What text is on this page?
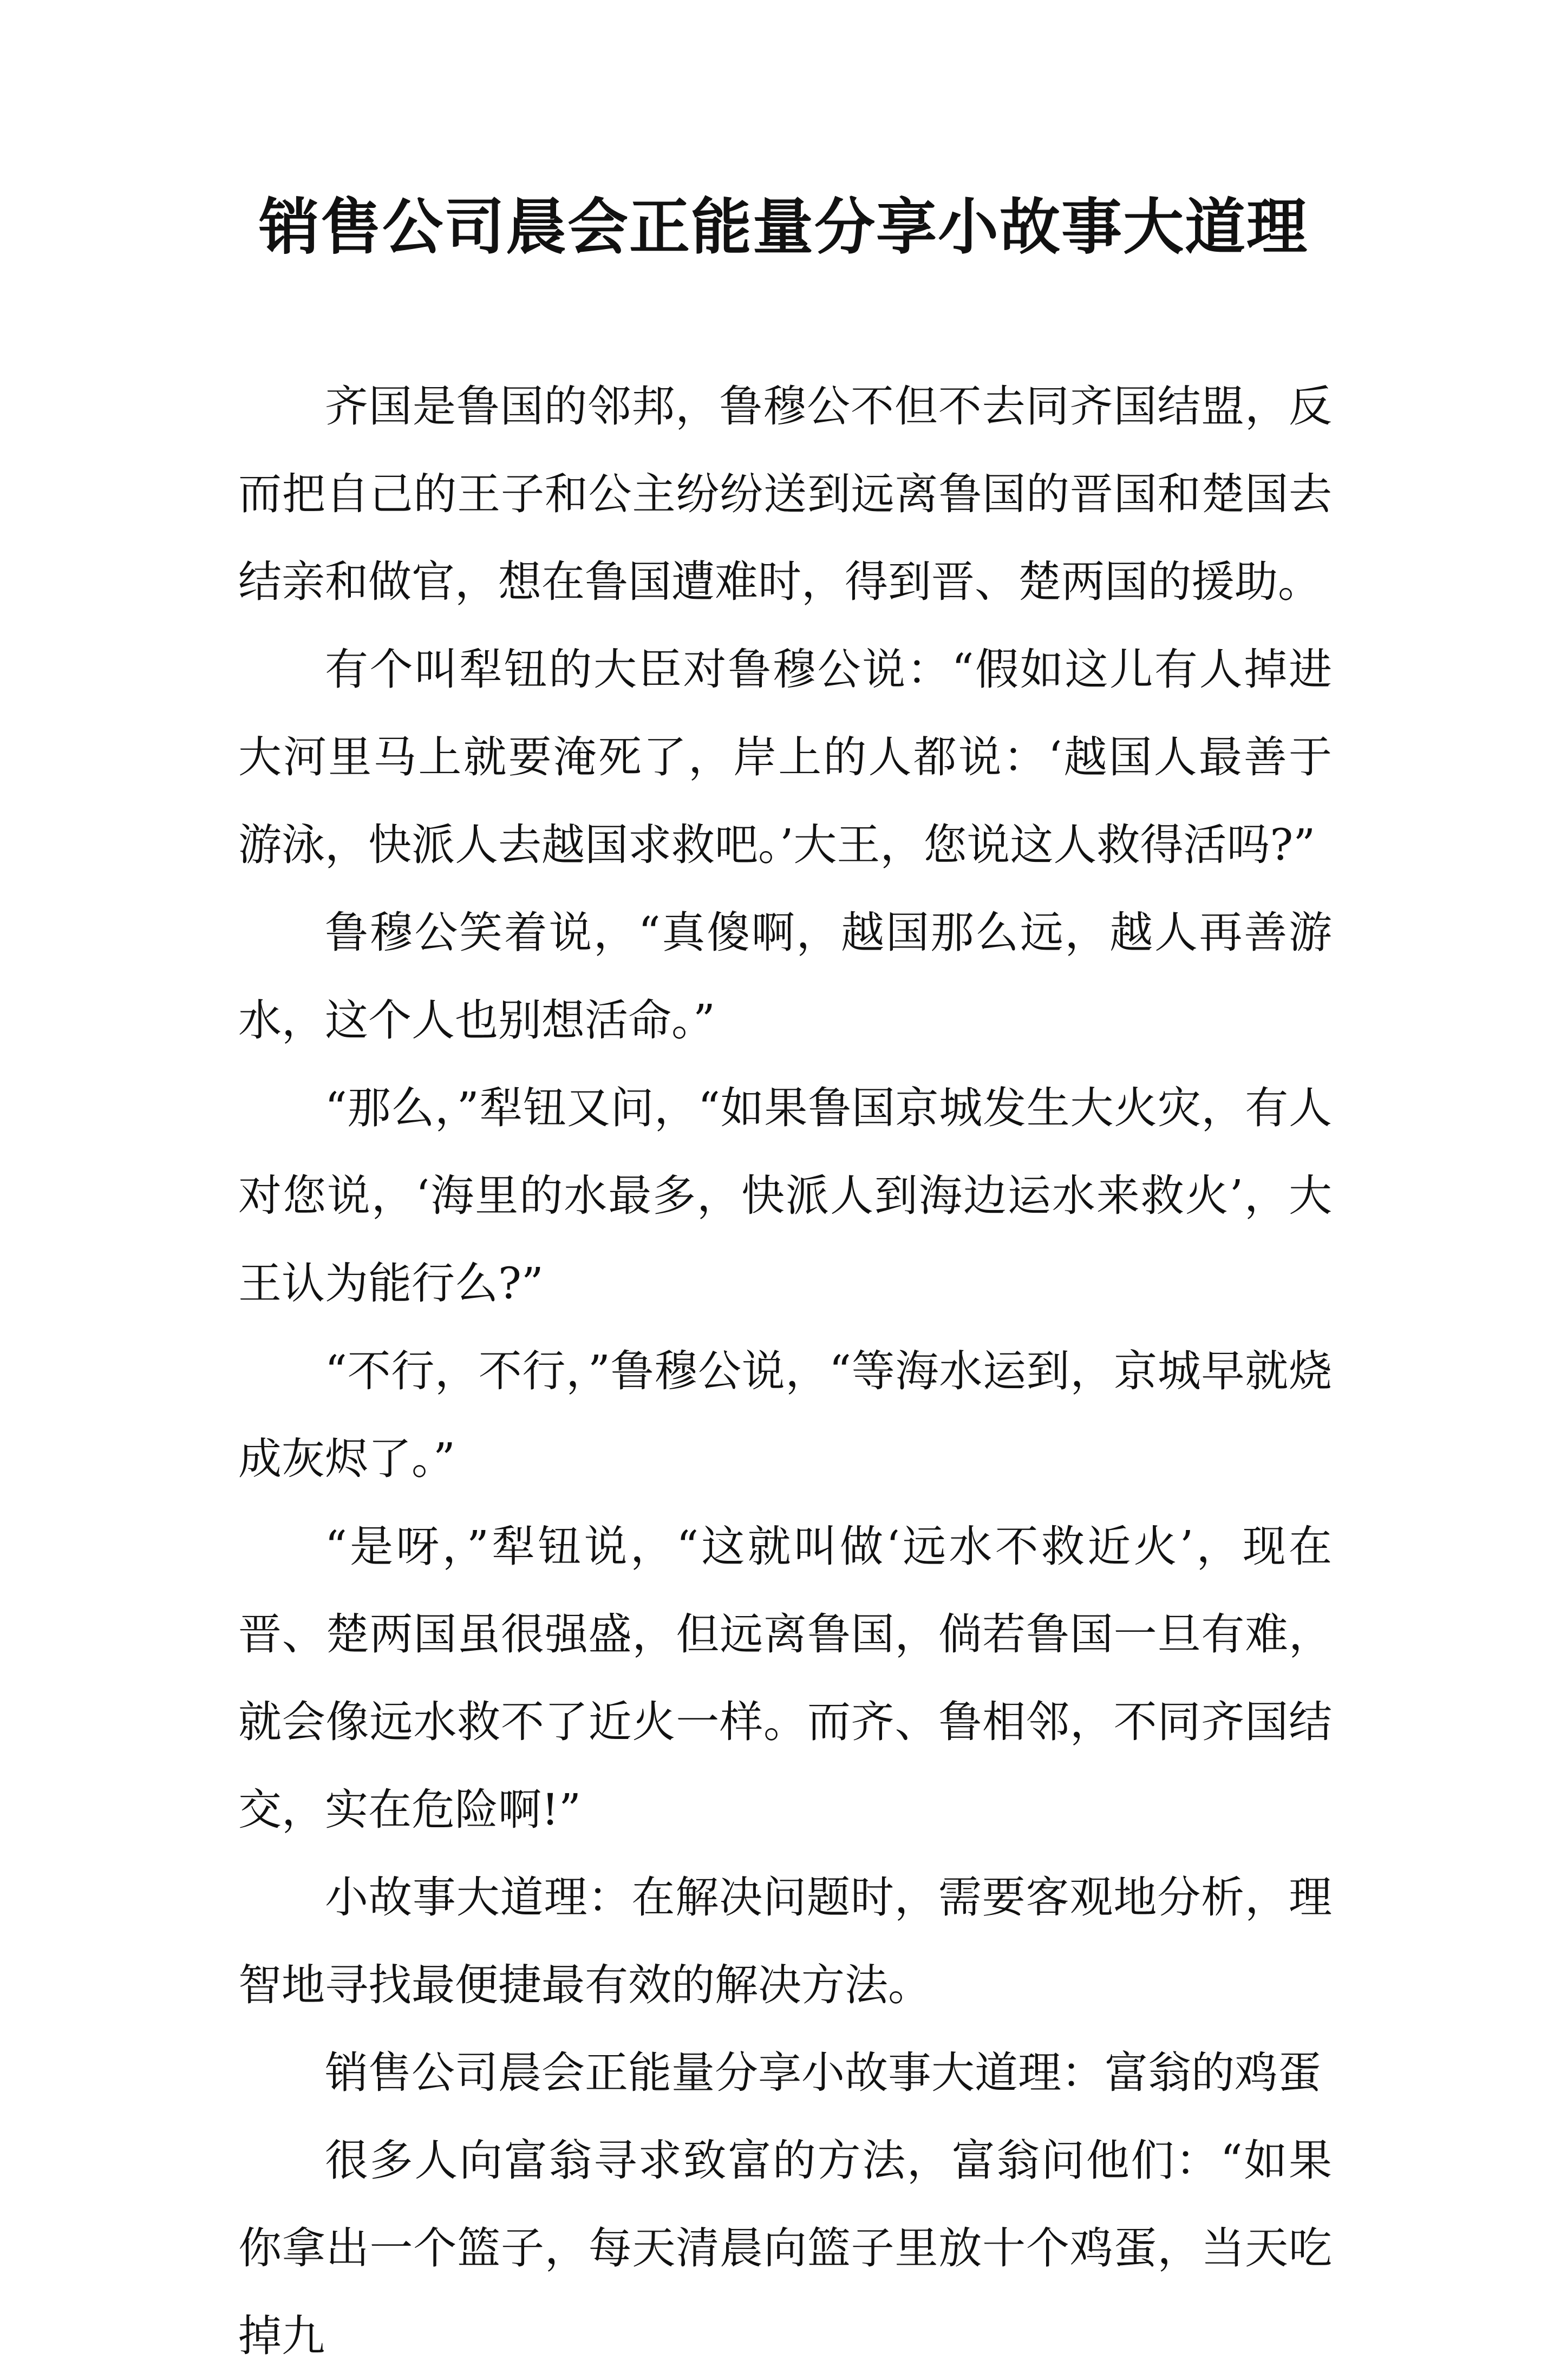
销售公司晨会正能量分享小故事大道理

齐国是鲁国的邻邦，鲁穆公不但不去同齐国结盟，反而把自己的王子和公主纷纷送到远离鲁国的晋国和楚国去结亲和做官，想在鲁国遭难时，得到晋、楚两国的援助。

有个叫犁钮的大臣对鲁穆公说：“假如这儿有人掉进大河里马上就要淹死了，岸上的人都说：‘越国人最善于游泳，快派人去越国求救吧。’大王，您说这人救得活吗?”

鲁穆公笑着说，“真傻啊，越国那么远，越人再善游水，这个人也别想活命。”

“那么，”犁钮又问，“如果鲁国京城发生大火灾，有人对您说，‘海里的水最多，快派人到海边运水来救火’，大王认为能行么?”

“不行，不行，”鲁穆公说，“等海水运到，京城早就烧成灰烬了。”

“是呀，”犁钮说，“这就叫做‘远水不救近火’，现在晋、楚两国虽很强盛，但远离鲁国，倘若鲁国一旦有难，就会像远水救不了近火一样。而齐、鲁相邻，不同齐国结交，实在危险啊!”

小故事大道理：在解决问题时，需要客观地分析，理智地寻找最便捷最有效的解决方法。

销售公司晨会正能量分享小故事大道理：富翁的鸡蛋

很多人向富翁寻求致富的方法，富翁问他们：“如果你拿出一个篮子，每天清晨向篮子里放十个鸡蛋，当天吃掉九
